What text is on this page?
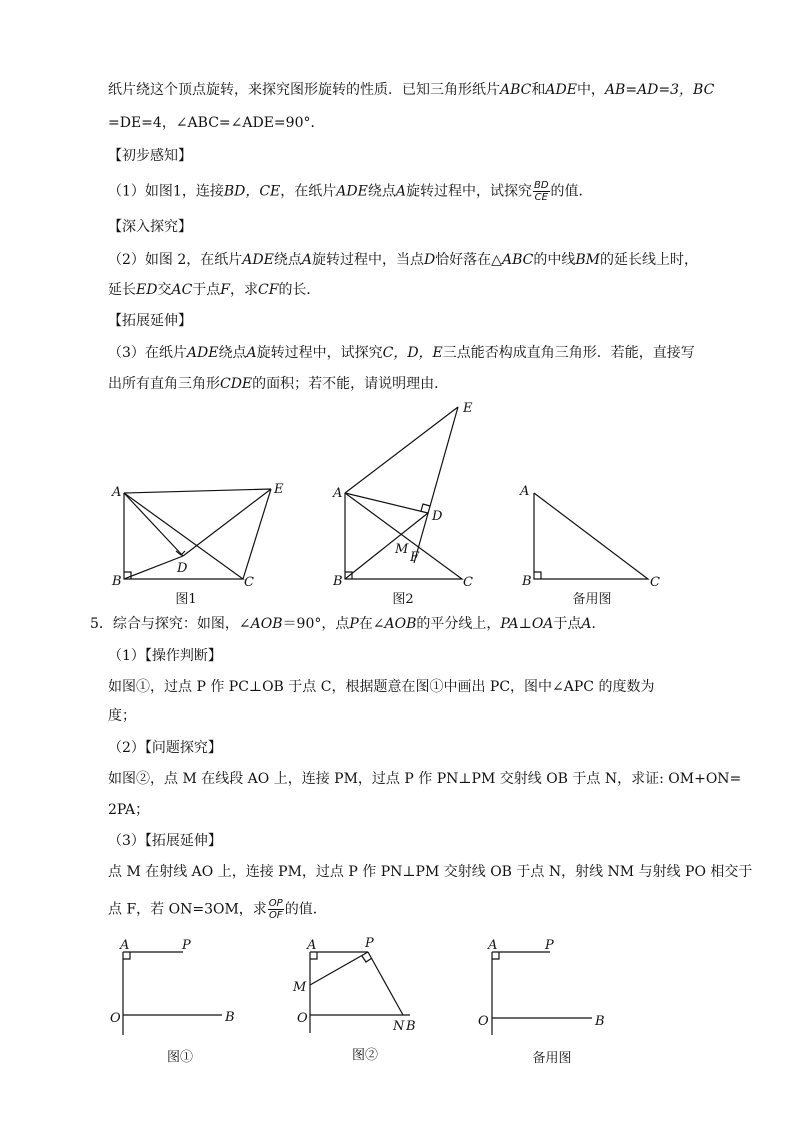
纸片绕这个顶点旋转，来探究图形旋转的性质．已知三角形纸片ABC和ADE中，AB=AD=3，BC
=DE=4，∠ABC=∠ADE=90°．
【初步感知】
（1）如图1，连接BD，CE，在纸片ADE绕点A旋转过程中，试探究 $\frac{BD}{CE}$ 的值．
【深入探究】
（2）如图 2，在纸片ADE绕点A旋转过程中，当点D恰好落在△ABC的中线BM的延长线上时，
延长ED交AC于点F，求CF的长．
【拓展延伸】
（3）在纸片ADE绕点A旋转过程中，试探究C，D，E三点能否构成直角三角形．若能，直接写
出所有直角三角形CDE的面积；若不能，请说明理由．
A
B	C
D
E
图1
A
B	C
D
E
M
F
图2
A
B	C
备用图
5．综合与探究：如图，∠AOB＝90°，点P在∠AOB的平分线上，PA⊥OA于点A．
（1）【操作判断】
如图①，过点 P 作 PC⊥OB 于点 C，根据题意在图①中画出 PC，图中∠APC 的度数为
度；
（2）【问题探究】
如图②，点 M 在线段 AO 上，连接 PM，过点 P 作 PN⊥PM 交射线 OB 于点 N，求证: OM+ON=
2PA；
（3）【拓展延伸】
点 M 在射线 AO 上，连接 PM，过点 P 作 PN⊥PM 交射线 OB 于点 N，射线 NM 与射线 PO 相交于
点 F，若 ON=3OM，求 $\frac{OP}{OF}$ 的值．
A	P
O	B
图①
A	P
M
O
N B
图②
A	P
O	B
备用图
